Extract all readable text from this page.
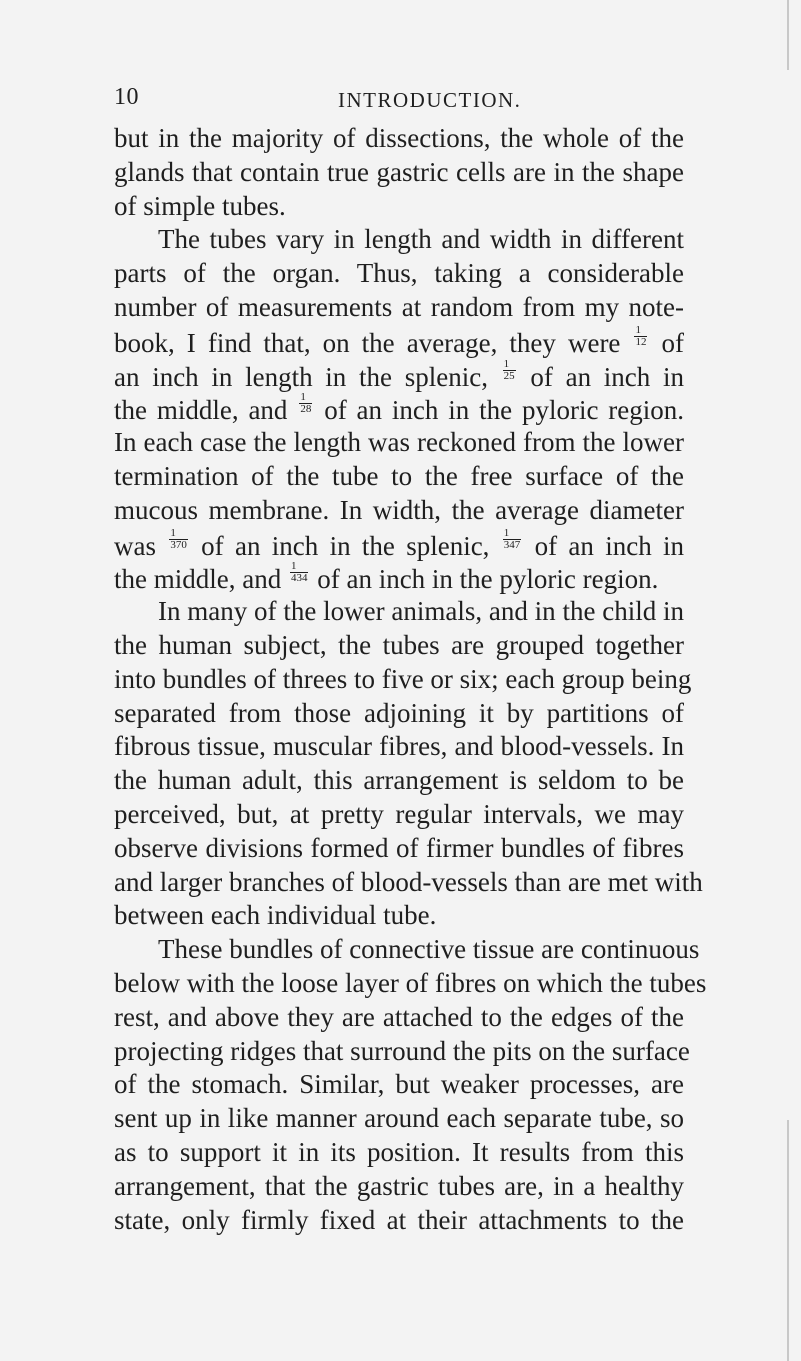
10	INTRODUCTION.
but in the majority of dissections, the whole of the
glands that contain true gastric cells are in the shape
of simple tubes.
The tubes vary in length and width in different
parts of the organ. Thus, taking a considerable
number of measurements at random from my note-
book, I find that, on the average, they were $\frac{1}{12}$ of
an inch in length in the splenic, $\frac{1}{25}$ of an inch in
the middle, and $\frac{1}{28}$ of an inch in the pyloric region.
In each case the length was reckoned from the lower
termination of the tube to the free surface of the
mucous membrane. In width, the average diameter
was $\frac{1}{370}$ of an inch in the splenic, $\frac{1}{347}$ of an inch in
the middle, and $\frac{1}{434}$ of an inch in the pyloric region.
In many of the lower animals, and in the child in
the human subject, the tubes are grouped together
into bundles of threes to five or six; each group being
separated from those adjoining it by partitions of
fibrous tissue, muscular fibres, and blood-vessels. In
the human adult, this arrangement is seldom to be
perceived, but, at pretty regular intervals, we may
observe divisions formed of firmer bundles of fibres
and larger branches of blood-vessels than are met with
between each individual tube.
These bundles of connective tissue are continuous
below with the loose layer of fibres on which the tubes
rest, and above they are attached to the edges of the
projecting ridges that surround the pits on the surface
of the stomach. Similar, but weaker processes, are
sent up in like manner around each separate tube, so
as to support it in its position. It results from this
arrangement, that the gastric tubes are, in a healthy
state, only firmly fixed at their attachments to the
